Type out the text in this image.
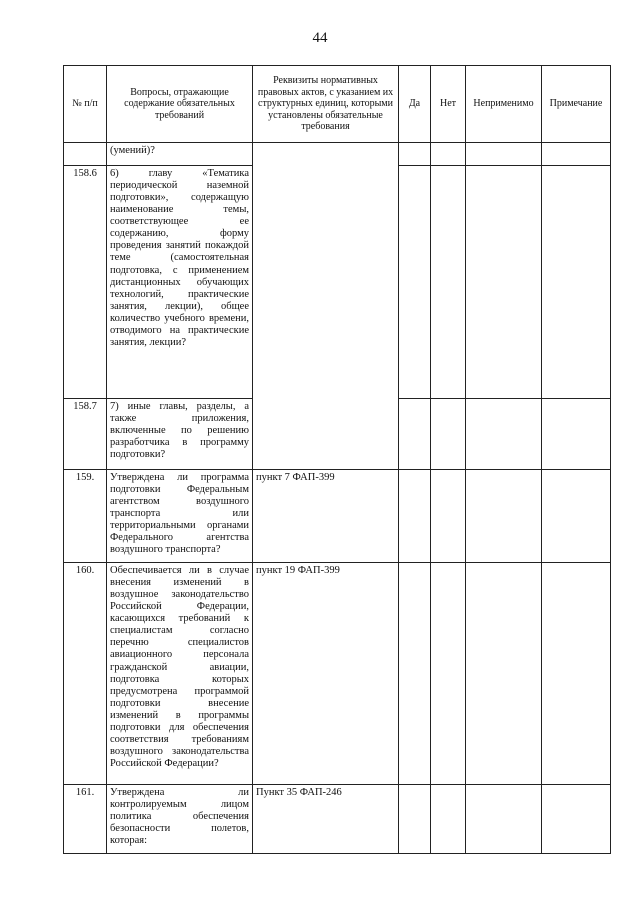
44
№ п/п	Вопросы, отражающие содержание обязательных требований	Реквизиты нормативных правовых актов, с указанием их структурных единиц, которыми установлены обязательные требования	Да	Нет	Неприменимо	Примечание
	(умений)?					
158.6	6) главу «Тематика периодической наземной подготовки», содержащую наименование темы, соответствующее ее содержанию, форму проведения занятий покаждой теме (самостоятельная подготовка, с применением дистанционных обучающих технологий, практические занятия, лекции), общее количество учебного времени, отводимого на практические занятия, лекции?					
158.7	7) иные главы, разделы, а также приложения, включенные по решению разработчика в программу подготовки?					
159.	Утверждена ли программа подготовки Федеральным агентством воздушного транспорта или территориальными органами Федерального агентства воздушного транспорта?	пункт 7 ФАП-399				
160.	Обеспечивается ли в случае внесения изменений в воздушное законодательство Российской Федерации, касающихся требований к специалистам согласно перечню специалистов авиационного персонала гражданской авиации, подготовка которых предусмотрена программой подготовки внесение изменений в программы подготовки для обеспечения соответствия требованиям воздушного законодательства Российской Федерации?	пункт 19 ФАП-399				
161.	Утверждена ли контролируемым лицом политика обеспечения безопасности полетов, которая:	Пункт 35 ФАП-246				
